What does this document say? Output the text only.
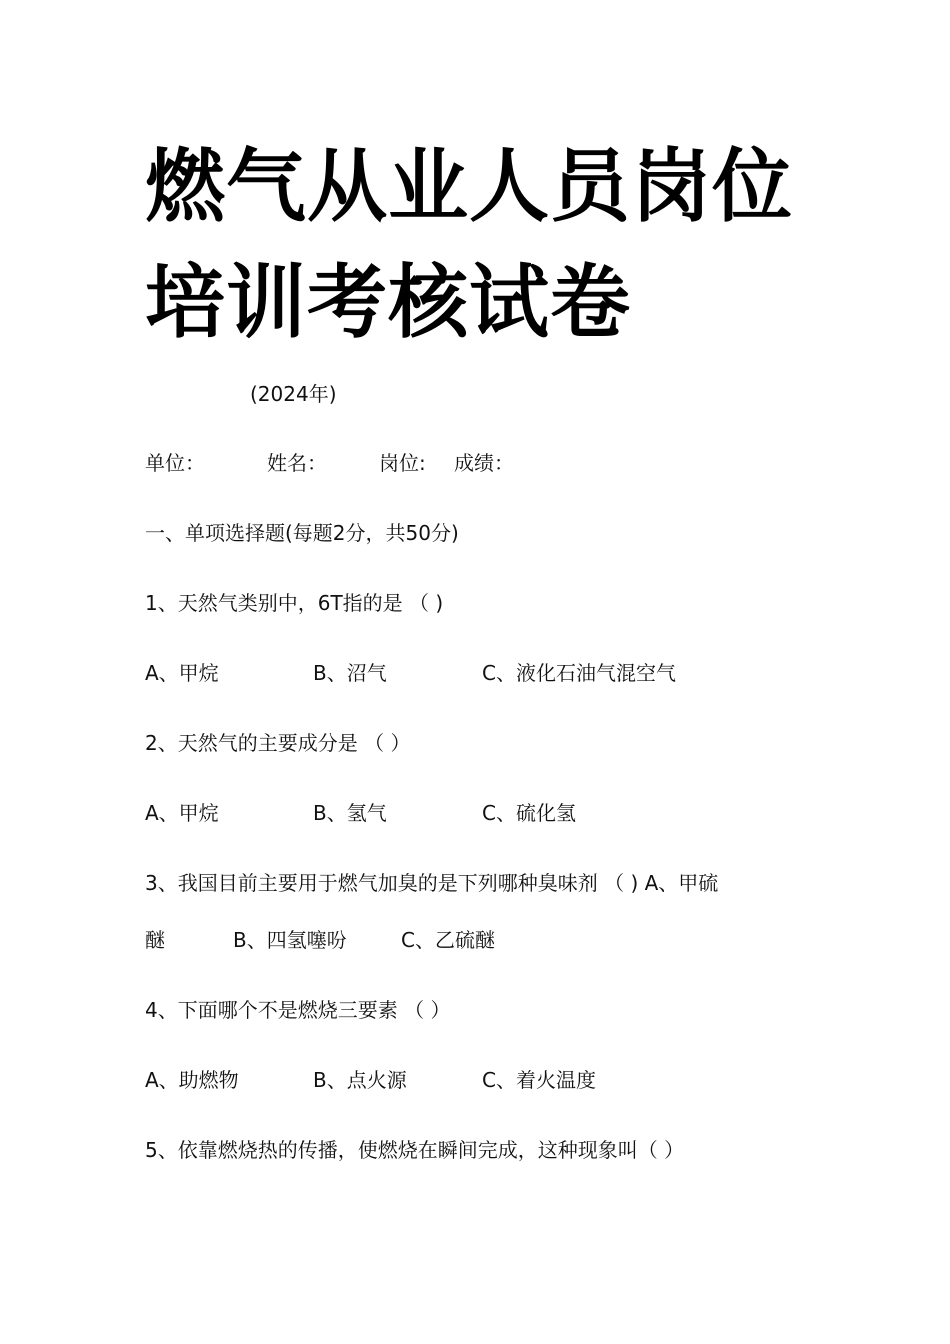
燃气从业人员岗位
培训考核试卷

(2024年)

单位：	姓名：	岗位: 成绩：

一、单项选择题(每题2分，共50分)

1、天然气类别中，6T指的是 （ )

A、甲烷	B、沼气	C、液化石油气混空气

2、天然气的主要成分是 （ ）

A、甲烷	B、氢气	C、硫化氢

3、我国目前主要用于燃气加臭的是下列哪种臭味剂 （ ) A、甲硫

醚	B、四氢噻吩	C、乙硫醚

4、下面哪个不是燃烧三要素 （ ）

A、助燃物	B、点火源	C、着火温度

5、依靠燃烧热的传播，使燃烧在瞬间完成，这种现象叫（ ）
